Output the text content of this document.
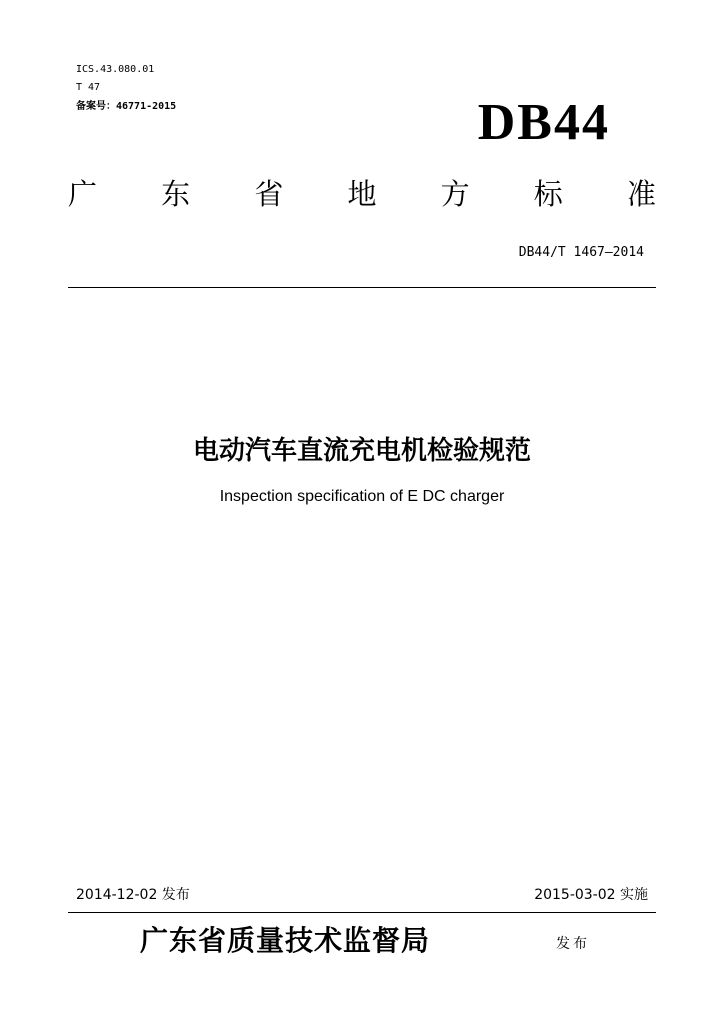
ICS.43.080.01
T 47
备案号：46771-2015	DB44
广 东 省 地 方 标 准
DB44/T 1467—2014
电动汽车直流充电机检验规范
Inspection specification of E DC charger
2014-12-02 发布	2015-03-02 实施
广东省质量技术监督局	发布
